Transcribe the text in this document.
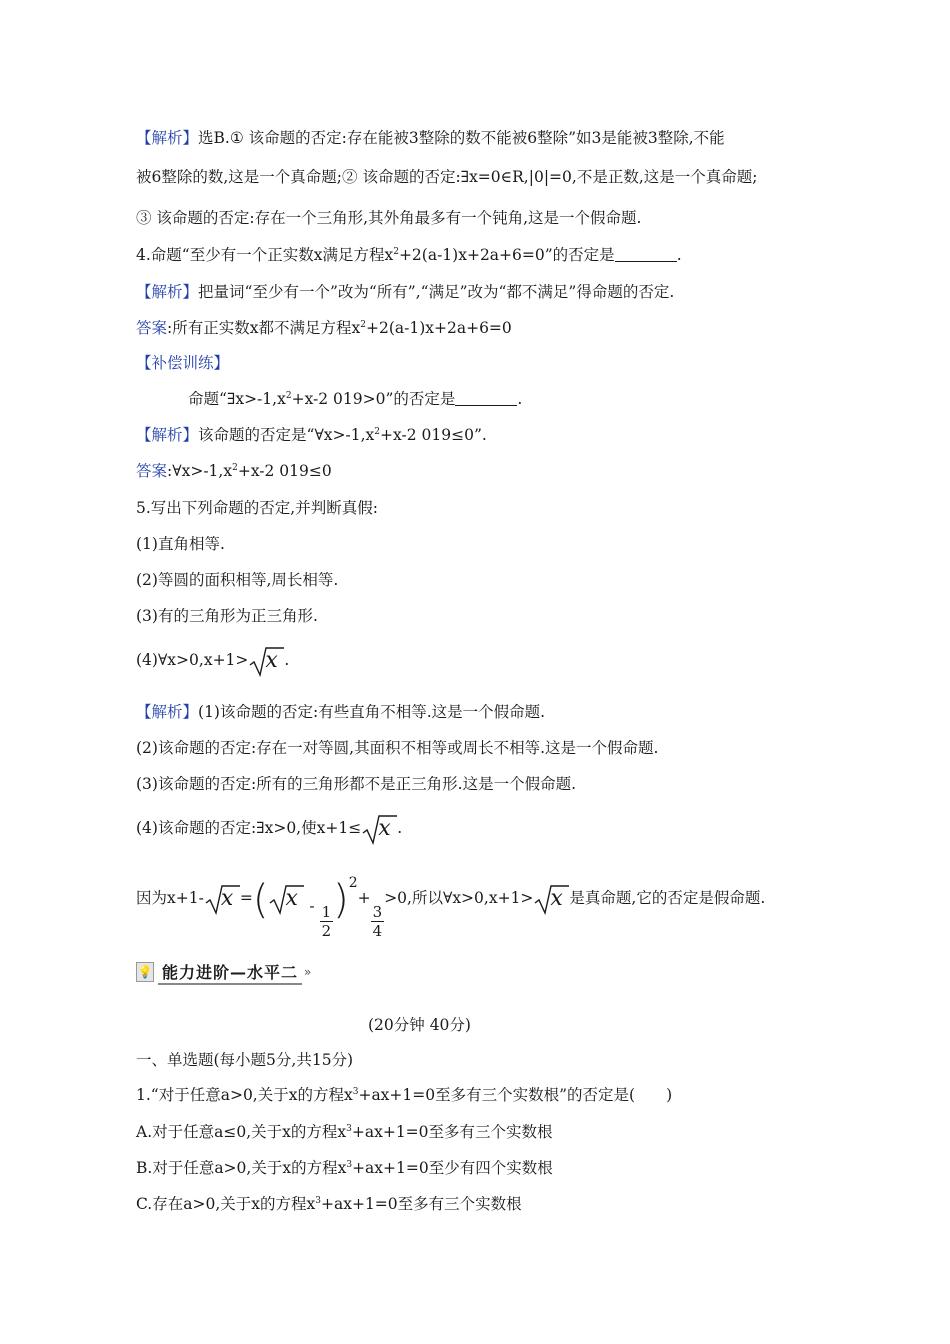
【解析】选B.① 该命题的否定:存在能被3整除的数不能被6整除”如3是能被3整除,不能
被6整除的数,这是一个真命题;② 该命题的否定:∃x=0∈R,|0|=0,不是正数,这是一个真命题;
③ 该命题的否定:存在一个三角形,其外角最多有一个钝角,这是一个假命题.
4.命题“至少有一个正实数x满足方程$x^2+2(a-1)x+2a+6=0$”的否定是	.
【解析】把量词“至少有一个”改为“所有”,“满足”改为“都不满足”得命题的否定.
答案:所有正实数x都不满足方程$x^2+2(a-1)x+2a+6=0$
【补偿训练】
命题“$\exists x>-1,x^2+x-2$ 019>0”的否定是	.
【解析】该命题的否定是“$\forall x>-1,x^2+x-2$ 019≤0”.
答案$:\forall x>-1,x^2+x-2$ 019≤0
5.写出下列命题的否定,并判断真假:
(1)直角相等.
(2)等圆的面积相等,周长相等.
(3)有的三角形为正三角形.
(4)∀x>0,x+1> x .
【解析】(1)该命题的否定:有些直角不相等.这是一个假命题.
(2)该命题的否定:存在一对等圆,其面积不相等或周长不相等.这是一个假命题.
(3)该命题的否定:所有的三角形都不是正三角形.这是一个假命题.
(4)该命题的否定:∃x>0,使x+1≤ x .
因为x+1- x =( $x - \frac{1}{2} )^2+$
$\frac{3}{4}$
>0,所以∀x>0,x+1> x 是真命题,它的否定是假命题.
💡 能力进阶—水平二 »
(20分钟 40分)
一、单选题(每小题5分,共15分)
1.“对于任意a>0,关于x的方程$x^3+ax+1=0$至多有三个实数根”的否定是(　　)
A.对于任意a≤0,关于x的方程$x^3+ax+1=0$至多有三个实数根
B.对于任意a>0,关于x的方程$x^3+ax+1=0$至少有四个实数根
C.存在a>0,关于x的方程$x^3+ax+1=0$至多有三个实数根
